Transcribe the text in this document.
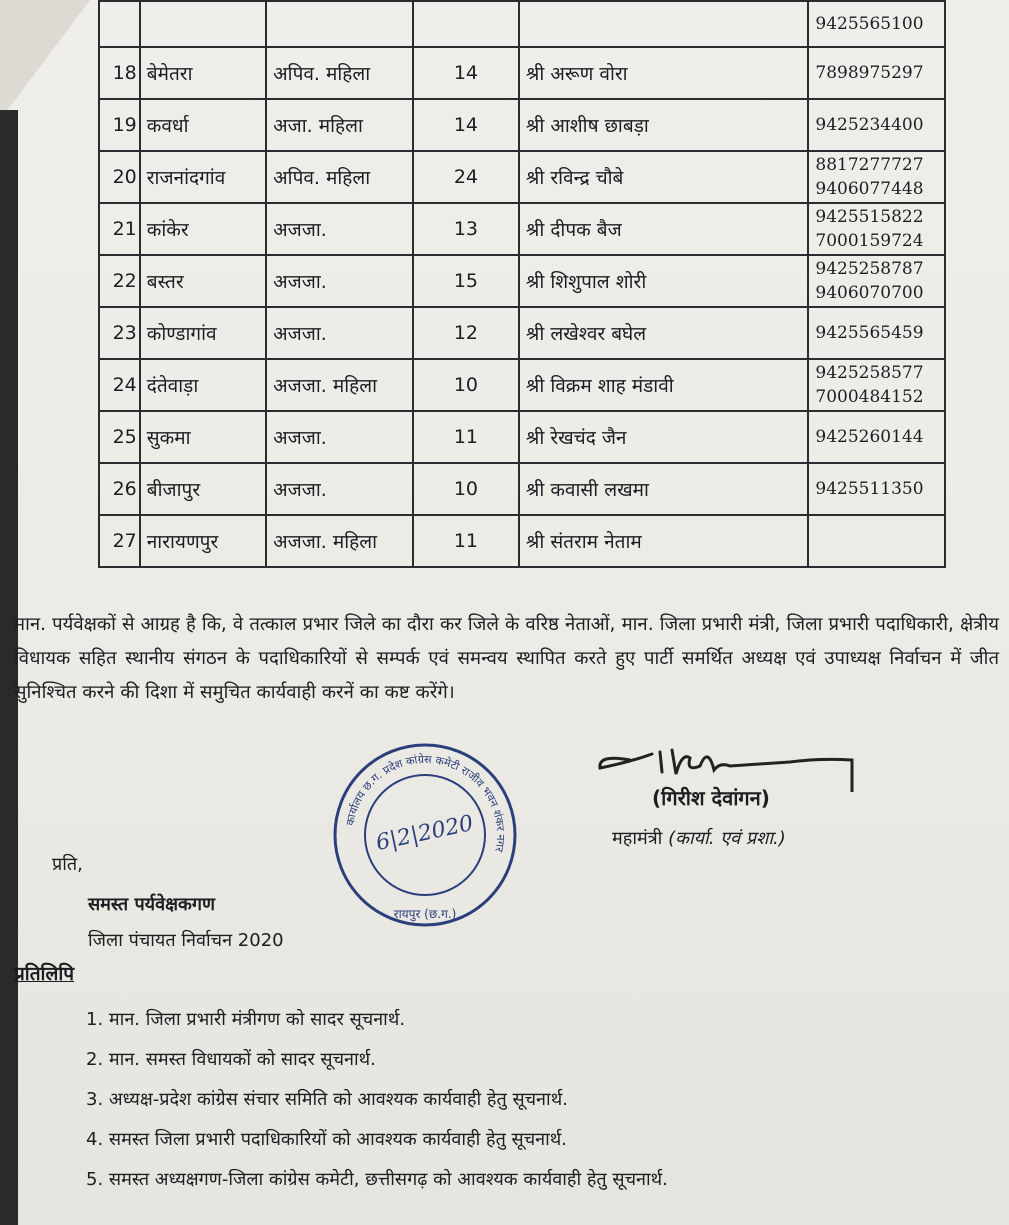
					9425565100

18	बेमेतरा	अपिव. महिला	14	श्री अरूण वोरा	7898975297

19	कवर्धा	अजा. महिला	14	श्री आशीष छाबड़ा	9425234400

20	राजनांदगांव	अपिव. महिला	24	श्री रविन्द्र चौबे	8817277727
9406077448

21	कांकेर	अजजा.	13	श्री दीपक बैज	9425515822
7000159724

22	बस्तर	अजजा.	15	श्री शिशुपाल शोरी	9425258787
9406070700

23	कोण्डागांव	अजजा.	12	श्री लखेश्वर बघेल	9425565459

24	दंतेवाड़ा	अजजा. महिला	10	श्री विक्रम शाह मंडावी	9425258577
7000484152

25	सुकमा	अजजा.	11	श्री रेखचंद जैन	9425260144

26	बीजापुर	अजजा.	10	श्री कवासी लखमा	9425511350

27	नारायणपुर	अजजा. महिला	11	श्री संतराम नेताम	
मान. पर्यवेक्षकों से आग्रह है कि, वे तत्काल प्रभार जिले का दौरा कर जिले के वरिष्ठ नेताओं, मान. जिला प्रभारी मंत्री, जिला प्रभारी पदाधिकारी, क्षेत्रीय विधायक सहित स्थानीय संगठन के पदाधिकारियों से सम्पर्क एवं समन्वय स्थापित करते हुए पार्टी समर्थित अध्यक्ष एवं उपाध्यक्ष निर्वाचन में जीत सुनिश्चित करने की दिशा में समुचित कार्यवाही करनें का कष्ट करेंगे।
कार्यालय छ.ग. प्रदेश कांग्रेस कमेटी राजीव भवन शंकर नगर
6|2|2020
रायपुर (छ.ग.)
(गिरीश देवांगन)
महामंत्री (कार्या. एवं प्रशा.)
प्रति,
समस्त पर्यवेक्षकगण
जिला पंचायत निर्वाचन 2020
प्रतिलिपि
1. मान. जिला प्रभारी मंत्रीगण को सादर सूचनार्थ.
2. मान. समस्त विधायकों को सादर सूचनार्थ.
3. अध्यक्ष-प्रदेश कांग्रेस संचार समिति को आवश्यक कार्यवाही हेतु सूचनार्थ.
4. समस्त जिला प्रभारी पदाधिकारियों को आवश्यक कार्यवाही हेतु सूचनार्थ.
5. समस्त अध्यक्षगण-जिला कांग्रेस कमेटी, छत्तीसगढ़ को आवश्यक कार्यवाही हेतु सूचनार्थ.
